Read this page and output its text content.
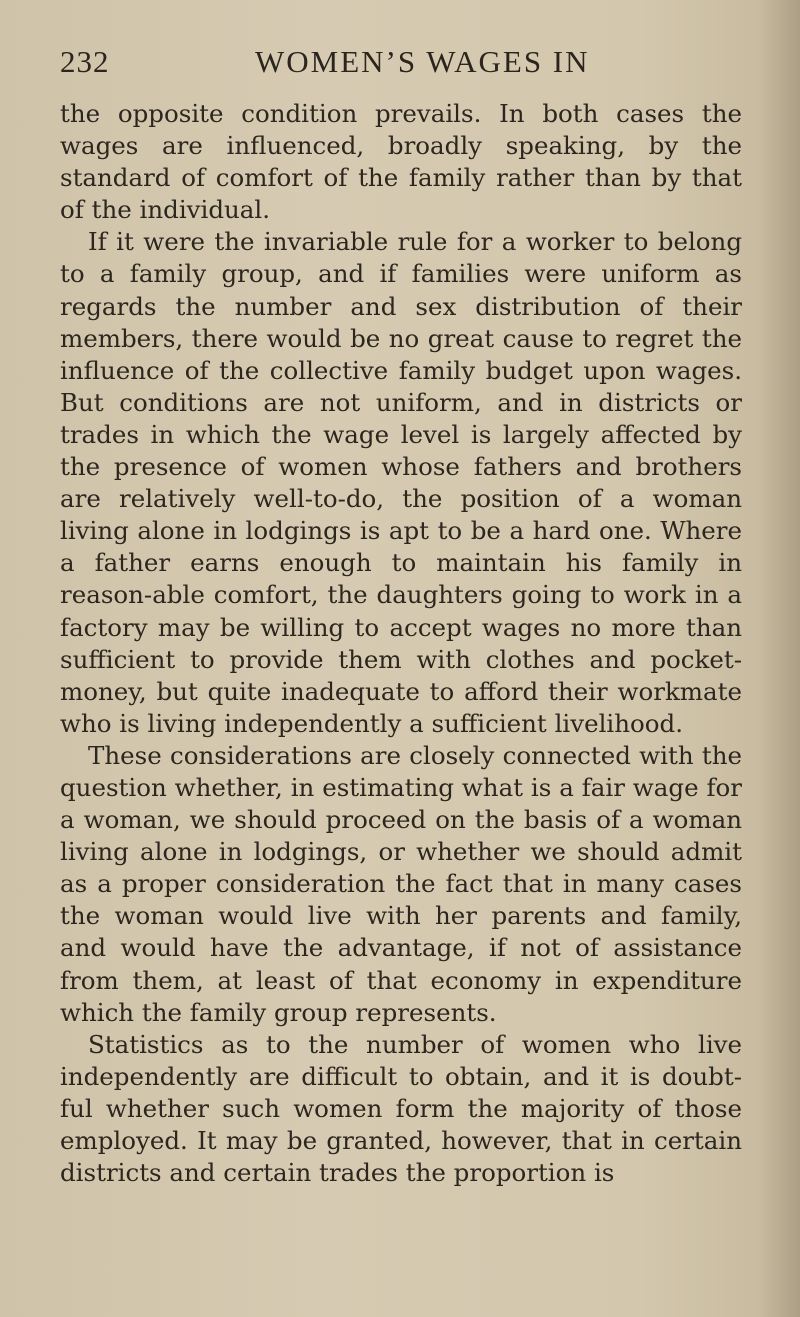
232	WOMEN’S WAGES IN

the opposite condition prevails. In both cases the wages are influenced, broadly speaking, by the standard of comfort of the family rather than by that of the individual.

If it were the invariable rule for a worker to belong to a family group, and if families were uniform as regards the number and sex distribution of their members, there would be no great cause to regret the influence of the collective family budget upon wages. But conditions are not uniform, and in districts or trades in which the wage level is largely affected by the presence of women whose fathers and brothers are relatively well-to-do, the position of a woman living alone in lodgings is apt to be a hard one. Where a father earns enough to maintain his family in reason-able comfort, the daughters going to work in a factory may be willing to accept wages no more than sufficient to provide them with clothes and pocket-money, but quite inadequate to afford their workmate who is living independently a sufficient livelihood.

These considerations are closely connected with the question whether, in estimating what is a fair wage for a woman, we should proceed on the basis of a woman living alone in lodgings, or whether we should admit as a proper consideration the fact that in many cases the woman would live with her parents and family, and would have the advantage, if not of assistance from them, at least of that economy in expenditure which the family group represents.

Statistics as to the number of women who live independently are difficult to obtain, and it is doubt-ful whether such women form the majority of those employed. It may be granted, however, that in certain districts and certain trades the proportion is
